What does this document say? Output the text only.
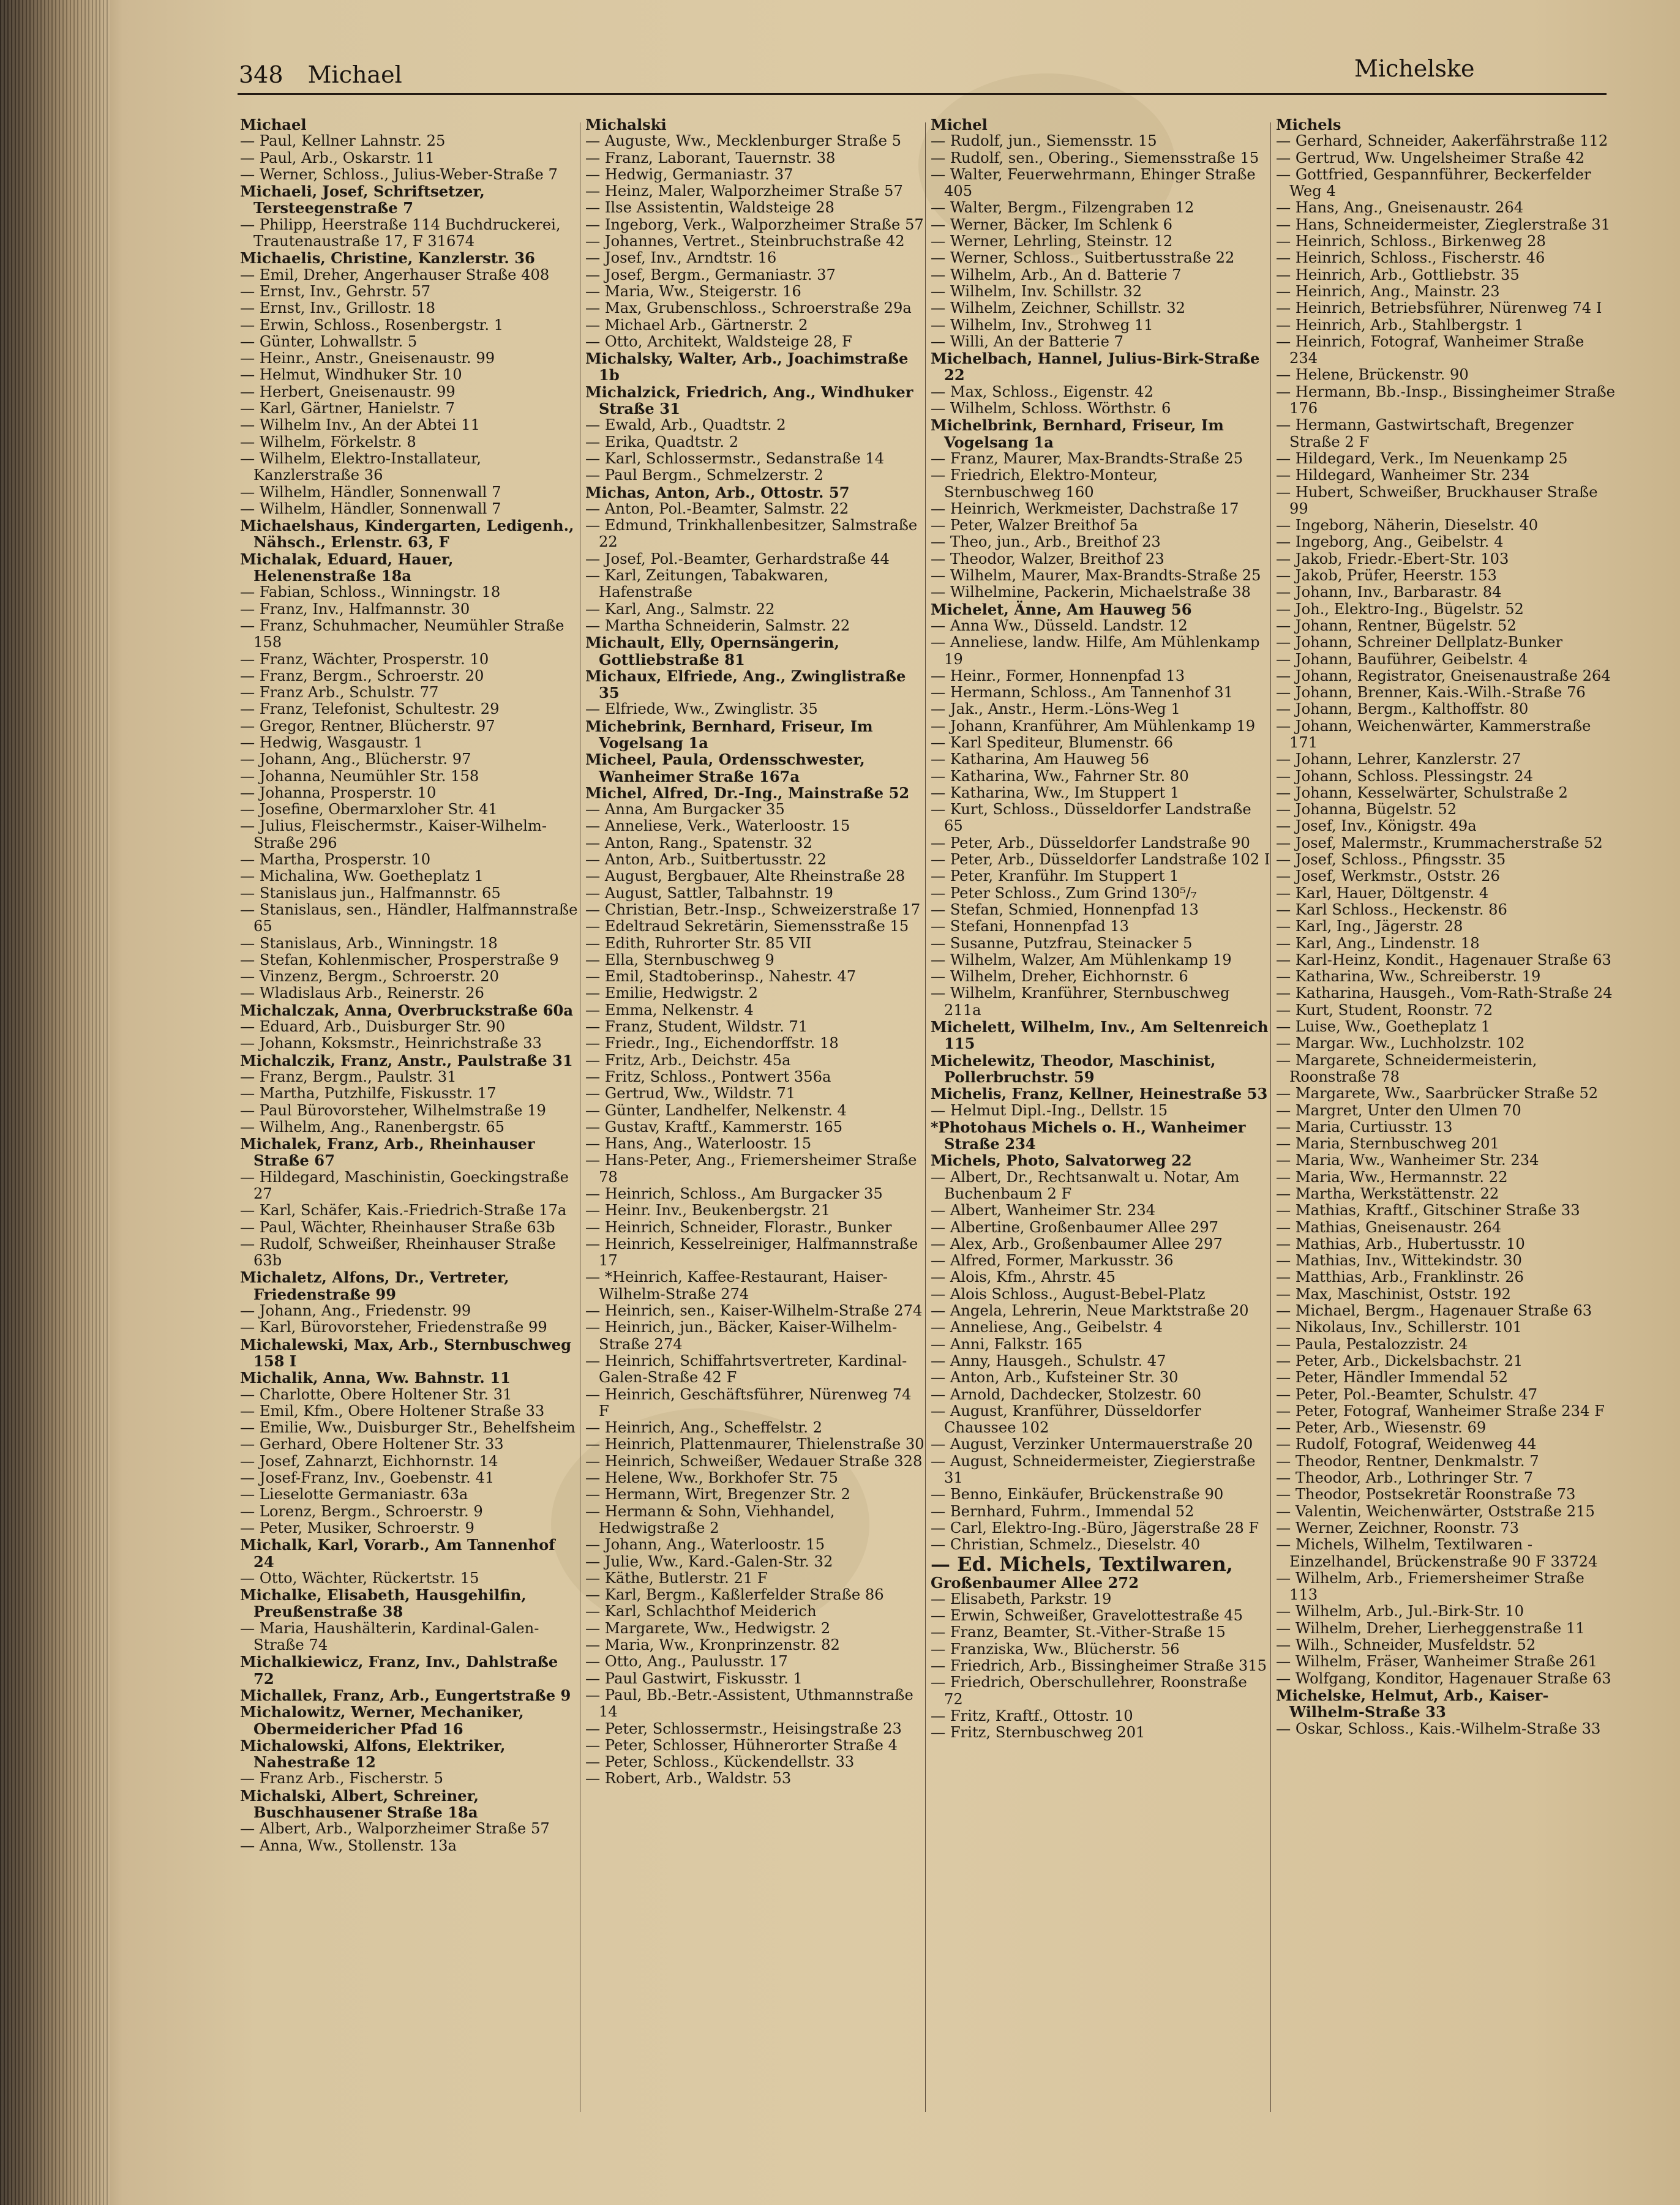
348 Michael	Michelske
Michael
— Paul, Kellner Lahnstr. 25
— Paul, Arb., Oskarstr. 11
— Werner, Schloss., Julius-Weber-Straße 7
Michaeli, Josef, Schriftsetzer, Tersteegenstraße 7
— Philipp, Heerstraße 114 Buchdruckerei, Trautenaustraße 17, F 31674
Michaelis, Christine, Kanzlerstr. 36
— Emil, Dreher, Angerhauser Straße 408
— Ernst, Inv., Gehrstr. 57
— Ernst, Inv., Grillostr. 18
— Erwin, Schloss., Rosenbergstr. 1
— Günter, Lohwallstr. 5
— Heinr., Anstr., Gneisenaustr. 99
— Helmut, Windhuker Str. 10
— Herbert, Gneisenaustr. 99
— Karl, Gärtner, Hanielstr. 7
— Wilhelm Inv., An der Abtei 11
— Wilhelm, Förkelstr. 8
— Wilhelm, Elektro-Installateur, Kanzlerstraße 36
— Wilhelm, Händler, Sonnenwall 7
— Wilhelm, Händler, Sonnenwall 7
Michaelshaus, Kindergarten, Ledigenh., Nähsch., Erlenstr. 63, F
Michalak, Eduard, Hauer, Helenenstraße 18a
— Fabian, Schloss., Winningstr. 18
— Franz, Inv., Halfmannstr. 30
— Franz, Schuhmacher, Neumühler Straße 158
— Franz, Wächter, Prosperstr. 10
— Franz, Bergm., Schroerstr. 20
— Franz Arb., Schulstr. 77
— Franz, Telefonist, Schultestr. 29
— Gregor, Rentner, Blücherstr. 97
— Hedwig, Wasgaustr. 1
— Johann, Ang., Blücherstr. 97
— Johanna, Neumühler Str. 158
— Johanna, Prosperstr. 10
— Josefine, Obermarxloher Str. 41
— Julius, Fleischermstr., Kaiser-Wilhelm-Straße 296
— Martha, Prosperstr. 10
— Michalina, Ww. Goetheplatz 1
— Stanislaus jun., Halfmannstr. 65
— Stanislaus, sen., Händler, Halfmannstraße 65
— Stanislaus, Arb., Winningstr. 18
— Stefan, Kohlenmischer, Prosperstraße 9
— Vinzenz, Bergm., Schroerstr. 20
— Wladislaus Arb., Reinerstr. 26
Michalczak, Anna, Overbruckstraße 60a
— Eduard, Arb., Duisburger Str. 90
— Johann, Koksmstr., Heinrichstraße 33
Michalczik, Franz, Anstr., Paulstraße 31
— Franz, Bergm., Paulstr. 31
— Martha, Putzhilfe, Fiskusstr. 17
— Paul Bürovorsteher, Wilhelmstraße 19
— Wilhelm, Ang., Ranenbergstr. 65
Michalek, Franz, Arb., Rheinhauser Straße 67
— Hildegard, Maschinistin, Goeckingstraße 27
— Karl, Schäfer, Kais.-Friedrich-Straße 17a
— Paul, Wächter, Rheinhauser Straße 63b
— Rudolf, Schweißer, Rheinhauser Straße 63b
Michaletz, Alfons, Dr., Vertreter, Friedenstraße 99
— Johann, Ang., Friedenstr. 99
— Karl, Bürovorsteher, Friedenstraße 99
Michalewski, Max, Arb., Sternbuschweg 158 I
Michalik, Anna, Ww. Bahnstr. 11
— Charlotte, Obere Holtener Str. 31
— Emil, Kfm., Obere Holtener Straße 33
— Emilie, Ww., Duisburger Str., Behelfsheim
— Gerhard, Obere Holtener Str. 33
— Josef, Zahnarzt, Eichhornstr. 14
— Josef-Franz, Inv., Goebenstr. 41
— Lieselotte Germaniastr. 63a
— Lorenz, Bergm., Schroerstr. 9
— Peter, Musiker, Schroerstr. 9
Michalk, Karl, Vorarb., Am Tannenhof 24
— Otto, Wächter, Rückertstr. 15
Michalke, Elisabeth, Hausgehilfin, Preußenstraße 38
— Maria, Haushälterin, Kardinal-Galen-Straße 74
Michalkiewicz, Franz, Inv., Dahlstraße 72
Michallek, Franz, Arb., Eungertstraße 9
Michalowitz, Werner, Mechaniker, Obermeidericher Pfad 16
Michalowski, Alfons, Elektriker, Nahestraße 12
— Franz Arb., Fischerstr. 5
Michalski, Albert, Schreiner, Buschhausener Straße 18a
— Albert, Arb., Walporzheimer Straße 57
— Anna, Ww., Stollenstr. 13a
Michalski
— Auguste, Ww., Mecklenburger Straße 5
— Franz, Laborant, Tauernstr. 38
— Hedwig, Germaniastr. 37
— Heinz, Maler, Walporzheimer Straße 57
— Ilse Assistentin, Waldsteige 28
— Ingeborg, Verk., Walporzheimer Straße 57
— Johannes, Vertret., Steinbruchstraße 42
— Josef, Inv., Arndtstr. 16
— Josef, Bergm., Germaniastr. 37
— Maria, Ww., Steigerstr. 16
— Max, Grubenschloss., Schroerstraße 29a
— Michael Arb., Gärtnerstr. 2
— Otto, Architekt, Waldsteige 28, F
Michalsky, Walter, Arb., Joachimstraße 1b
Michalzick, Friedrich, Ang., Windhuker Straße 31
— Ewald, Arb., Quadtstr. 2
— Erika, Quadtstr. 2
— Karl, Schlossermstr., Sedanstraße 14
— Paul Bergm., Schmelzerstr. 2
Michas, Anton, Arb., Ottostr. 57
— Anton, Pol.-Beamter, Salmstr. 22
— Edmund, Trinkhallenbesitzer, Salmstraße 22
— Josef, Pol.-Beamter, Gerhardstraße 44
— Karl, Zeitungen, Tabakwaren, Hafenstraße
— Karl, Ang., Salmstr. 22
— Martha Schneiderin, Salmstr. 22
Michault, Elly, Opernsängerin, Gottliebstraße 81
Michaux, Elfriede, Ang., Zwinglistraße 35
— Elfriede, Ww., Zwinglistr. 35
Michebrink, Bernhard, Friseur, Im Vogelsang 1a
Micheel, Paula, Ordensschwester, Wanheimer Straße 167a
Michel, Alfred, Dr.-Ing., Mainstraße 52
— Anna, Am Burgacker 35
— Anneliese, Verk., Waterloostr. 15
— Anton, Rang., Spatenstr. 32
— Anton, Arb., Suitbertusstr. 22
— August, Bergbauer, Alte Rheinstraße 28
— August, Sattler, Talbahnstr. 19
— Christian, Betr.-Insp., Schweizerstraße 17
— Edeltraud Sekretärin, Siemensstraße 15
— Edith, Ruhrorter Str. 85 VII
— Ella, Sternbuschweg 9
— Emil, Stadtoberinsp., Nahestr. 47
— Emilie, Hedwigstr. 2
— Emma, Nelkenstr. 4
— Franz, Student, Wildstr. 71
— Friedr., Ing., Eichendorffstr. 18
— Fritz, Arb., Deichstr. 45a
— Fritz, Schloss., Pontwert 356a
— Gertrud, Ww., Wildstr. 71
— Günter, Landhelfer, Nelkenstr. 4
— Gustav, Kraftf., Kammerstr. 165
— Hans, Ang., Waterloostr. 15
— Hans-Peter, Ang., Friemersheimer Straße 78
— Heinrich, Schloss., Am Burgacker 35
— Heinr. Inv., Beukenbergstr. 21
— Heinrich, Schneider, Florastr., Bunker
— Heinrich, Kesselreiniger, Halfmannstraße 17
— *Heinrich, Kaffee-Restaurant, Haiser-Wilhelm-Straße 274
— Heinrich, sen., Kaiser-Wilhelm-Straße 274
— Heinrich, jun., Bäcker, Kaiser-Wilhelm-Straße 274
— Heinrich, Schiffahrtsvertreter, Kardinal-Galen-Straße 42 F
— Heinrich, Geschäftsführer, Nürenweg 74 F
— Heinrich, Ang., Scheffelstr. 2
— Heinrich, Plattenmaurer, Thielenstraße 30
— Heinrich, Schweißer, Wedauer Straße 328
— Helene, Ww., Borkhofer Str. 75
— Hermann, Wirt, Bregenzer Str. 2
— Hermann & Sohn, Viehhandel, Hedwigstraße 2
— Johann, Ang., Waterloostr. 15
— Julie, Ww., Kard.-Galen-Str. 32
— Käthe, Butlerstr. 21 F
— Karl, Bergm., Kaßlerfelder Straße 86
— Karl, Schlachthof Meiderich
— Margarete, Ww., Hedwigstr. 2
— Maria, Ww., Kronprinzenstr. 82
— Otto, Ang., Paulusstr. 17
— Paul Gastwirt, Fiskusstr. 1
— Paul, Bb.-Betr.-Assistent, Uthmannstraße 14
— Peter, Schlossermstr., Heisingstraße 23
— Peter, Schlosser, Hühnerorter Straße 4
— Peter, Schloss., Kückendellstr. 33
— Robert, Arb., Waldstr. 53
Michel
— Rudolf, jun., Siemensstr. 15
— Rudolf, sen., Obering., Siemensstraße 15
— Walter, Feuerwehrmann, Ehinger Straße 405
— Walter, Bergm., Filzengraben 12
— Werner, Bäcker, Im Schlenk 6
— Werner, Lehrling, Steinstr. 12
— Werner, Schloss., Suitbertusstraße 22
— Wilhelm, Arb., An d. Batterie 7
— Wilhelm, Inv. Schillstr. 32
— Wilhelm, Zeichner, Schillstr. 32
— Wilhelm, Inv., Strohweg 11
— Willi, An der Batterie 7
Michelbach, Hannel, Julius-Birk-Straße 22
— Max, Schloss., Eigenstr. 42
— Wilhelm, Schloss. Wörthstr. 6
Michelbrink, Bernhard, Friseur, Im Vogelsang 1a
— Franz, Maurer, Max-Brandts-Straße 25
— Friedrich, Elektro-Monteur, Sternbuschweg 160
— Heinrich, Werkmeister, Dachstraße 17
— Peter, Walzer Breithof 5a
— Theo, jun., Arb., Breithof 23
— Theodor, Walzer, Breithof 23
— Wilhelm, Maurer, Max-Brandts-Straße 25
— Wilhelmine, Packerin, Michaelstraße 38
Michelet, Änne, Am Hauweg 56
— Anna Ww., Düsseld. Landstr. 12
— Anneliese, landw. Hilfe, Am Mühlenkamp 19
— Heinr., Former, Honnenpfad 13
— Hermann, Schloss., Am Tannenhof 31
— Jak., Anstr., Herm.-Löns-Weg 1
— Johann, Kranführer, Am Mühlenkamp 19
— Karl Spediteur, Blumenstr. 66
— Katharina, Am Hauweg 56
— Katharina, Ww., Fahrner Str. 80
— Katharina, Ww., Im Stuppert 1
— Kurt, Schloss., Düsseldorfer Landstraße 65
— Peter, Arb., Düsseldorfer Landstraße 90
— Peter, Arb., Düsseldorfer Landstraße 102 I
— Peter, Kranführ. Im Stuppert 1
— Peter Schloss., Zum Grind 130⁵/₇
— Stefan, Schmied, Honnenpfad 13
— Stefani, Honnenpfad 13
— Susanne, Putzfrau, Steinacker 5
— Wilhelm, Walzer, Am Mühlenkamp 19
— Wilhelm, Dreher, Eichhornstr. 6
— Wilhelm, Kranführer, Sternbuschweg 211a
Michelett, Wilhelm, Inv., Am Seltenreich 115
Michelewitz, Theodor, Maschinist, Pollerbruchstr. 59
Michelis, Franz, Kellner, Heinestraße 53
— Helmut Dipl.-Ing., Dellstr. 15
*Photohaus Michels o. H., Wanheimer Straße 234
Michels, Photo, Salvatorweg 22
— Albert, Dr., Rechtsanwalt u. Notar, Am Buchenbaum 2 F
— Albert, Wanheimer Str. 234
— Albertine, Großenbaumer Allee 297
— Alex, Arb., Großenbaumer Allee 297
— Alfred, Former, Markusstr. 36
— Alois, Kfm., Ahrstr. 45
— Alois Schloss., August-Bebel-Platz
— Angela, Lehrerin, Neue Marktstraße 20
— Anneliese, Ang., Geibelstr. 4
— Anni, Falkstr. 165
— Anny, Hausgeh., Schulstr. 47
— Anton, Arb., Kufsteiner Str. 30
— Arnold, Dachdecker, Stolzestr. 60
— August, Kranführer, Düsseldorfer Chaussee 102
— August, Verzinker Untermauerstraße 20
— August, Schneidermeister, Ziegierstraße 31
— Benno, Einkäufer, Brückenstraße 90
— Bernhard, Fuhrm., Immendal 52
— Carl, Elektro-Ing.-Büro, Jägerstraße 28 F
— Christian, Schmelz., Dieselstr. 40
— Ed. Michels, Textilwaren,
Großenbaumer Allee 272
— Elisabeth, Parkstr. 19
— Erwin, Schweißer, Gravelottestraße 45
— Franz, Beamter, St.-Vither-Straße 15
— Franziska, Ww., Blücherstr. 56
— Friedrich, Arb., Bissingheimer Straße 315
— Friedrich, Oberschullehrer, Roonstraße 72
— Fritz, Kraftf., Ottostr. 10
— Fritz, Sternbuschweg 201
Michels
— Gerhard, Schneider, Aakerfährstraße 112
— Gertrud, Ww. Ungelsheimer Straße 42
— Gottfried, Gespannführer, Beckerfelder Weg 4
— Hans, Ang., Gneisenaustr. 264
— Hans, Schneidermeister, Zieglerstraße 31
— Heinrich, Schloss., Birkenweg 28
— Heinrich, Schloss., Fischerstr. 46
— Heinrich, Arb., Gottliebstr. 35
— Heinrich, Ang., Mainstr. 23
— Heinrich, Betriebsführer, Nürenweg 74 I
— Heinrich, Arb., Stahlbergstr. 1
— Heinrich, Fotograf, Wanheimer Straße 234
— Helene, Brückenstr. 90
— Hermann, Bb.-Insp., Bissingheimer Straße 176
— Hermann, Gastwirtschaft, Bregenzer Straße 2 F
— Hildegard, Verk., Im Neuenkamp 25
— Hildegard, Wanheimer Str. 234
— Hubert, Schweißer, Bruckhauser Straße 99
— Ingeborg, Näherin, Dieselstr. 40
— Ingeborg, Ang., Geibelstr. 4
— Jakob, Friedr.-Ebert-Str. 103
— Jakob, Prüfer, Heerstr. 153
— Johann, Inv., Barbarastr. 84
— Joh., Elektro-Ing., Bügelstr. 52
— Johann, Rentner, Bügelstr. 52
— Johann, Schreiner Dellplatz-Bunker
— Johann, Bauführer, Geibelstr. 4
— Johann, Registrator, Gneisenaustraße 264
— Johann, Brenner, Kais.-Wilh.-Straße 76
— Johann, Bergm., Kalthoffstr. 80
— Johann, Weichenwärter, Kammerstraße 171
— Johann, Lehrer, Kanzlerstr. 27
— Johann, Schloss. Plessingstr. 24
— Johann, Kesselwärter, Schulstraße 2
— Johanna, Bügelstr. 52
— Josef, Inv., Königstr. 49a
— Josef, Malermstr., Krummacherstraße 52
— Josef, Schloss., Pfingsstr. 35
— Josef, Werkmstr., Oststr. 26
— Karl, Hauer, Döltgenstr. 4
— Karl Schloss., Heckenstr. 86
— Karl, Ing., Jägerstr. 28
— Karl, Ang., Lindenstr. 18
— Karl-Heinz, Kondit., Hagenauer Straße 63
— Katharina, Ww., Schreiberstr. 19
— Katharina, Hausgeh., Vom-Rath-Straße 24
— Kurt, Student, Roonstr. 72
— Luise, Ww., Goetheplatz 1
— Margar. Ww., Luchholzstr. 102
— Margarete, Schneidermeisterin, Roonstraße 78
— Margarete, Ww., Saarbrücker Straße 52
— Margret, Unter den Ulmen 70
— Maria, Curtiusstr. 13
— Maria, Sternbuschweg 201
— Maria, Ww., Wanheimer Str. 234
— Maria, Ww., Hermannstr. 22
— Martha, Werkstättenstr. 22
— Mathias, Kraftf., Gitschiner Straße 33
— Mathias, Gneisenaustr. 264
— Mathias, Arb., Hubertusstr. 10
— Mathias, Inv., Wittekindstr. 30
— Matthias, Arb., Franklinstr. 26
— Max, Maschinist, Oststr. 192
— Michael, Bergm., Hagenauer Straße 63
— Nikolaus, Inv., Schillerstr. 101
— Paula, Pestalozzistr. 24
— Peter, Arb., Dickelsbachstr. 21
— Peter, Händler Immendal 52
— Peter, Pol.-Beamter, Schulstr. 47
— Peter, Fotograf, Wanheimer Straße 234 F
— Peter, Arb., Wiesenstr. 69
— Rudolf, Fotograf, Weidenweg 44
— Theodor, Rentner, Denkmalstr. 7
— Theodor, Arb., Lothringer Str. 7
— Theodor, Postsekretär Roonstraße 73
— Valentin, Weichenwärter, Oststraße 215
— Werner, Zeichner, Roonstr. 73
— Michels, Wilhelm, Textilwaren - Einzelhandel, Brückenstraße 90 F 33724
— Wilhelm, Arb., Friemersheimer Straße 113
— Wilhelm, Arb., Jul.-Birk-Str. 10
— Wilhelm, Dreher, Lierheggenstraße 11
— Wilh., Schneider, Musfeldstr. 52
— Wilhelm, Fräser, Wanheimer Straße 261
— Wolfgang, Konditor, Hagenauer Straße 63
Michelske, Helmut, Arb., Kaiser-Wilhelm-Straße 33
— Oskar, Schloss., Kais.-Wilhelm-Straße 33
